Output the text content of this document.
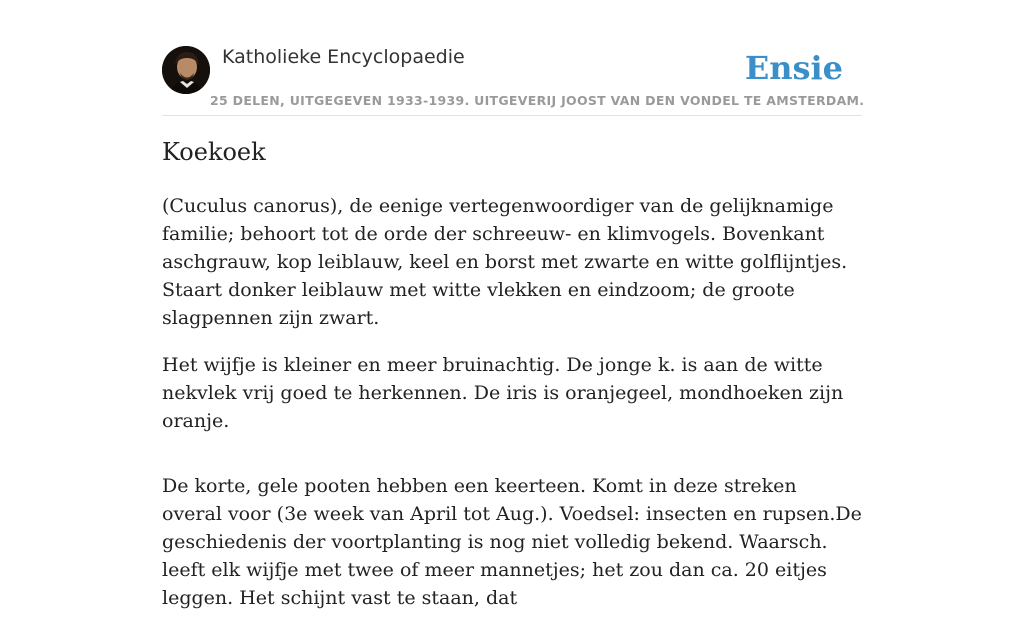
Katholieke Encyclopaedie
25 DELEN, UITGEGEVEN 1933-1939. UITGEVERIJ JOOST VAN DEN VONDEL TE AMSTERDAM.
Ensie
Koekoek

(Cuculus canorus), de eenige vertegenwoordiger van de gelijknamige familie; behoort tot de orde der schreeuw- en klimvogels. Bovenkant aschgrauw, kop leiblauw, keel en borst met zwarte en witte golflijntjes. Staart donker leiblauw met witte vlekken en eindzoom; de groote slagpennen zijn zwart.

Het wijfje is kleiner en meer bruinachtig. De jonge k. is aan de witte nekvlek vrij goed te herkennen. De iris is oranjegeel, mondhoeken zijn oranje.

De korte, gele pooten hebben een keerteen. Komt in deze streken overal voor (3e week van April tot Aug.). Voedsel: insecten en rupsen.De geschiedenis der voortplanting is nog niet volledig bekend. Waarsch. leeft elk wijfje met twee of meer mannetjes; het zou dan ca. 20 eitjes leggen. Het schijnt vast te staan, dat
